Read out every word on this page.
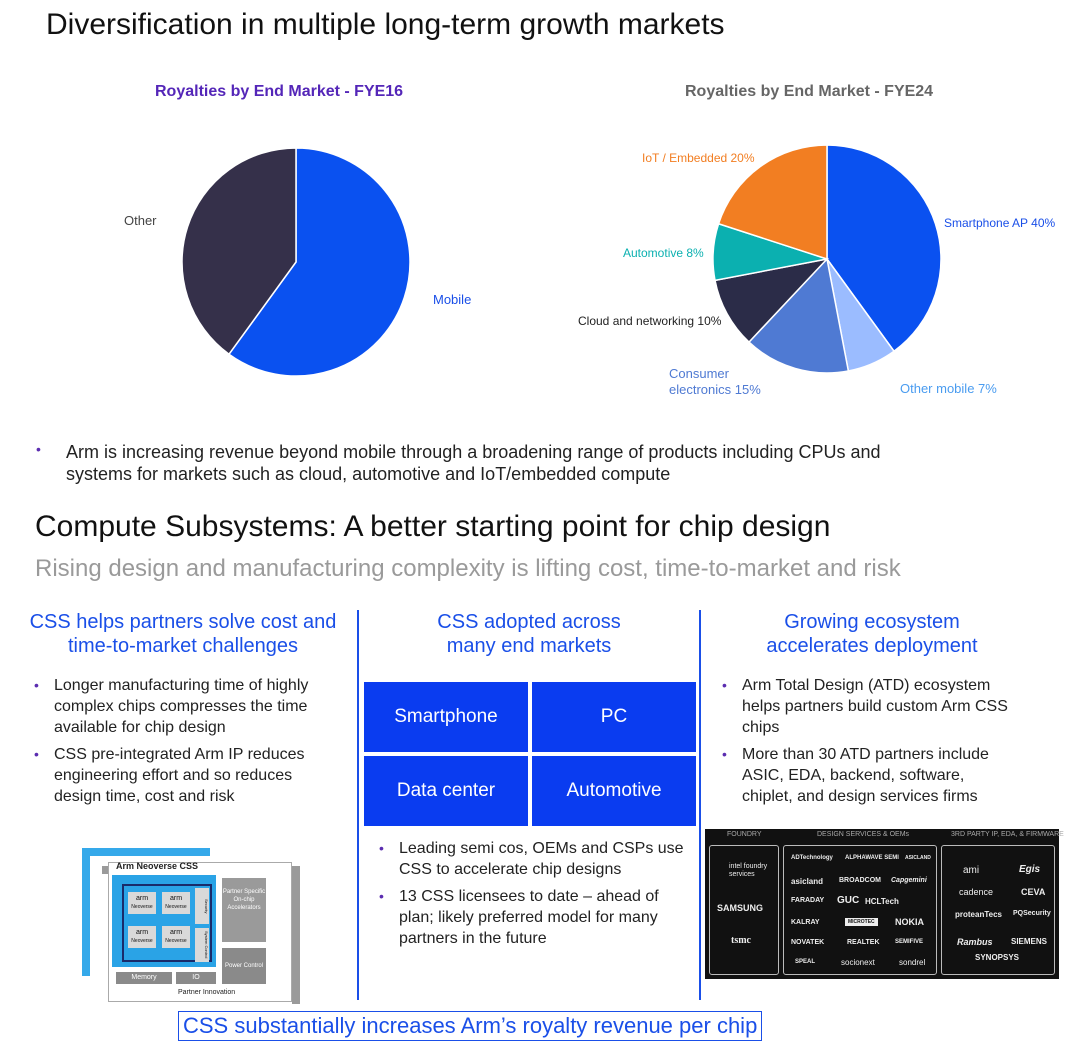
Diversification in multiple long-term growth markets
Royalties by End Market - FYE16	Royalties by End Market - FYE24
Other
Mobile
IoT / Embedded 20%
Smartphone AP 40%
Automotive 8%
Cloud and networking 10%
Consumer
electronics 15%	Other mobile 7%
• Arm is increasing revenue beyond mobile through a broadening range of products including CPUs and
systems for markets such as cloud, automotive and IoT/embedded compute
Compute Subsystems: A better starting point for chip design
Rising design and manufacturing complexity is lifting cost, time-to-market and risk
CSS helps partners solve cost and
time-to-market challenges
• Longer manufacturing time of highly complex chips compresses the time available for chip design
• CSS pre-integrated Arm IP reduces engineering effort and so reduces design time, cost and risk
Arm Neoverse CSS
arm
Neoverse
arm
Neoverse
arm
Neoverse
arm
Neoverse
Security
System Control
Partner Specific On-chip Accelerators
Memory	IO
Power Control
Partner Innovation
CSS adopted across
many end markets
Smartphone	PC
Data center	Automotive
• Leading semi cos, OEMs and CSPs use CSS to accelerate chip designs
• 13 CSS licensees to date – ahead of plan; likely preferred model for many partners in the future
Growing ecosystem
accelerates deployment
• Arm Total Design (ATD) ecosystem helps partners build custom Arm CSS chips
• More than 30 ATD partners include ASIC, EDA, backend, software, chiplet, and design services firms
FOUNDRY	DESIGN SERVICES & OEMs	3RD PARTY IP, EDA, & FIRMWARE
intel foundry services
SAMSUNG
tsmc
ADTechnology ALPHAWAVE SEMI ASICLAND
asicland BROADCOM Capgemini
FARADAY GUC HCLTech
KALRAY	MICROTEC	NOKIA
NOVATEK	REALTEK	SEMIFIVE
SPEAL	socionext	sondrel
ami	Egis
cadence	CEVA
proteanTecs PQSecurity
Rambus SIEMENS
SYNOPSYS
CSS substantially increases Arm’s royalty revenue per chip
